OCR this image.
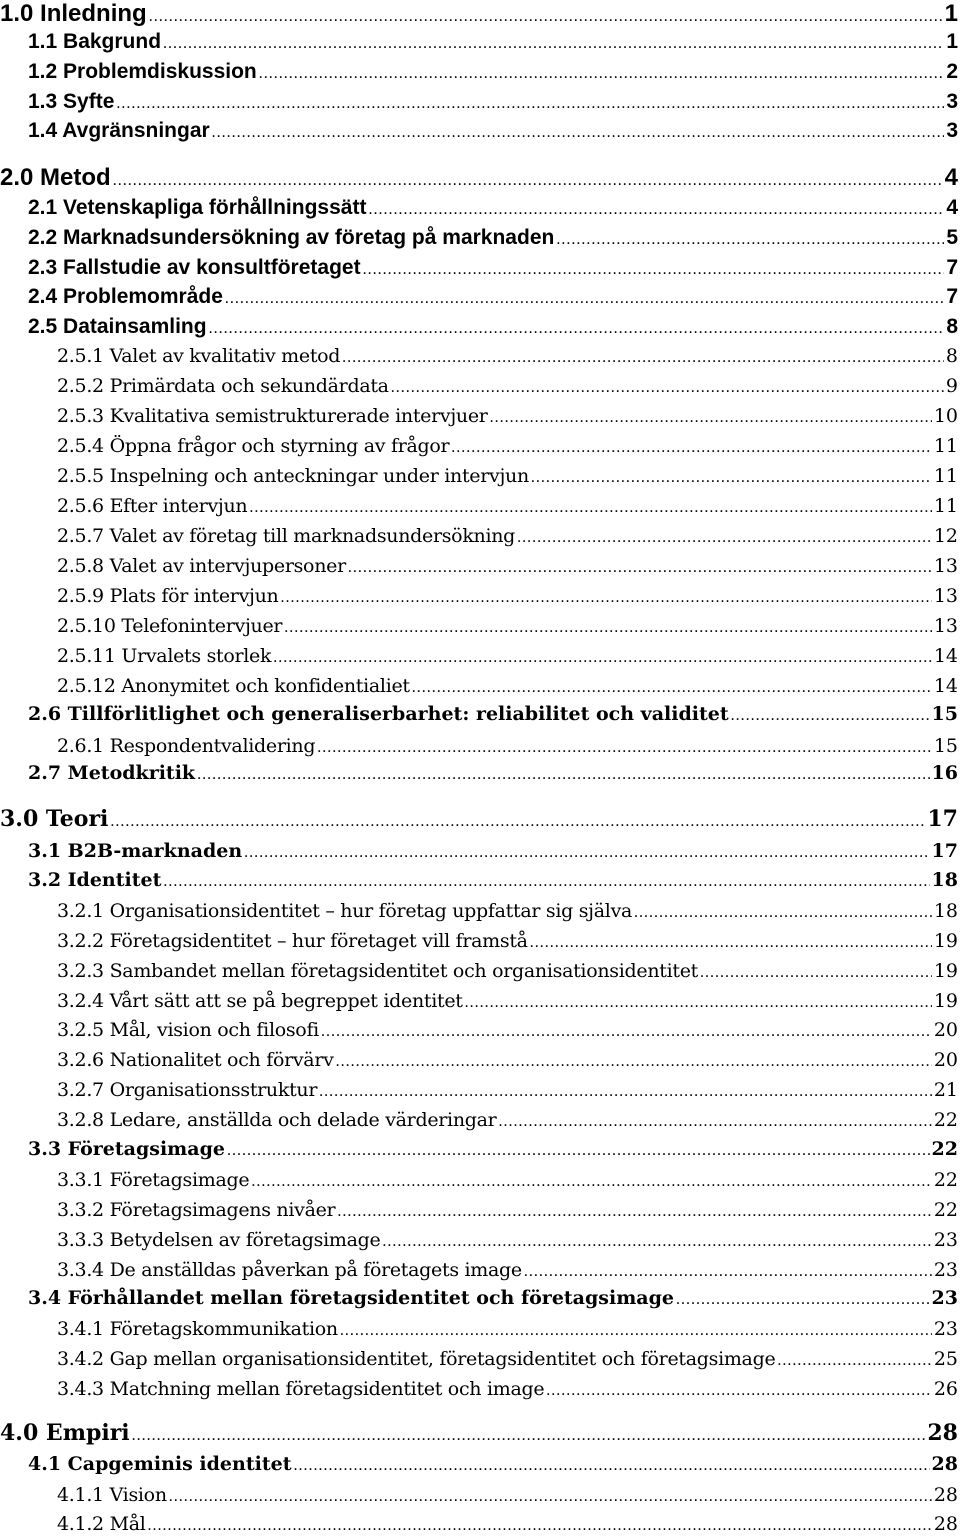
1.0 Inledning .....	1
1.1 Bakgrund .....	1
1.2 Problemdiskussion .....	2
1.3 Syfte .....	3
1.4 Avgränsningar .....	3
2.0 Metod .....	4
2.1 Vetenskapliga förhållningssätt .....	4
2.2 Marknadsundersökning av företag på marknaden .....	5
2.3 Fallstudie av konsultföretaget .....	7
2.4 Problemområde .....	7
2.5 Datainsamling .....	8
2.5.1 Valet av kvalitativ metod .....	8
2.5.2 Primärdata och sekundärdata .....	9
2.5.3 Kvalitativa semistrukturerade intervjuer .....	10
2.5.4 Öppna frågor och styrning av frågor .....	11
2.5.5 Inspelning och anteckningar under intervjun .....	11
2.5.6 Efter intervjun .....	11
2.5.7 Valet av företag till marknadsundersökning .....	12
2.5.8 Valet av intervjupersoner .....	13
2.5.9 Plats för intervjun .....	13
2.5.10 Telefonintervjuer .....	13
2.5.11 Urvalets storlek .....	14
2.5.12 Anonymitet och konfidentialiet .....	14
2.6 Tillförlitlighet och generaliserbarhet: reliabilitet och validitet .....	15
2.6.1 Respondentvalidering .....	15
2.7 Metodkritik .....	16
3.0 Teori .....	17
3.1 B2B-marknaden .....	17
3.2 Identitet .....	18
3.2.1 Organisationsidentitet – hur företag uppfattar sig själva .....	18
3.2.2 Företagsidentitet – hur företaget vill framstå .....	19
3.2.3 Sambandet mellan företagsidentitet och organisationsidentitet .....	19
3.2.4 Vårt sätt att se på begreppet identitet .....	19
3.2.5 Mål, vision och filosofi .....	20
3.2.6 Nationalitet och förvärv .....	20
3.2.7 Organisationsstruktur .....	21
3.2.8 Ledare, anställda och delade värderingar .....	22
3.3 Företagsimage .....	22
3.3.1 Företagsimage .....	22
3.3.2 Företagsimagens nivåer .....	22
3.3.3 Betydelsen av företagsimage .....	23
3.3.4 De anställdas påverkan på företagets image .....	23
3.4 Förhållandet mellan företagsidentitet och företagsimage .....	23
3.4.1 Företagskommunikation .....	23
3.4.2 Gap mellan organisationsidentitet, företagsidentitet och företagsimage .....	25
3.4.3 Matchning mellan företagsidentitet och image .....	26
4.0 Empiri .....	28
4.1 Capgeminis identitet .....	28
4.1.1 Vision .....	28
4.1.2 Mål .....	28
